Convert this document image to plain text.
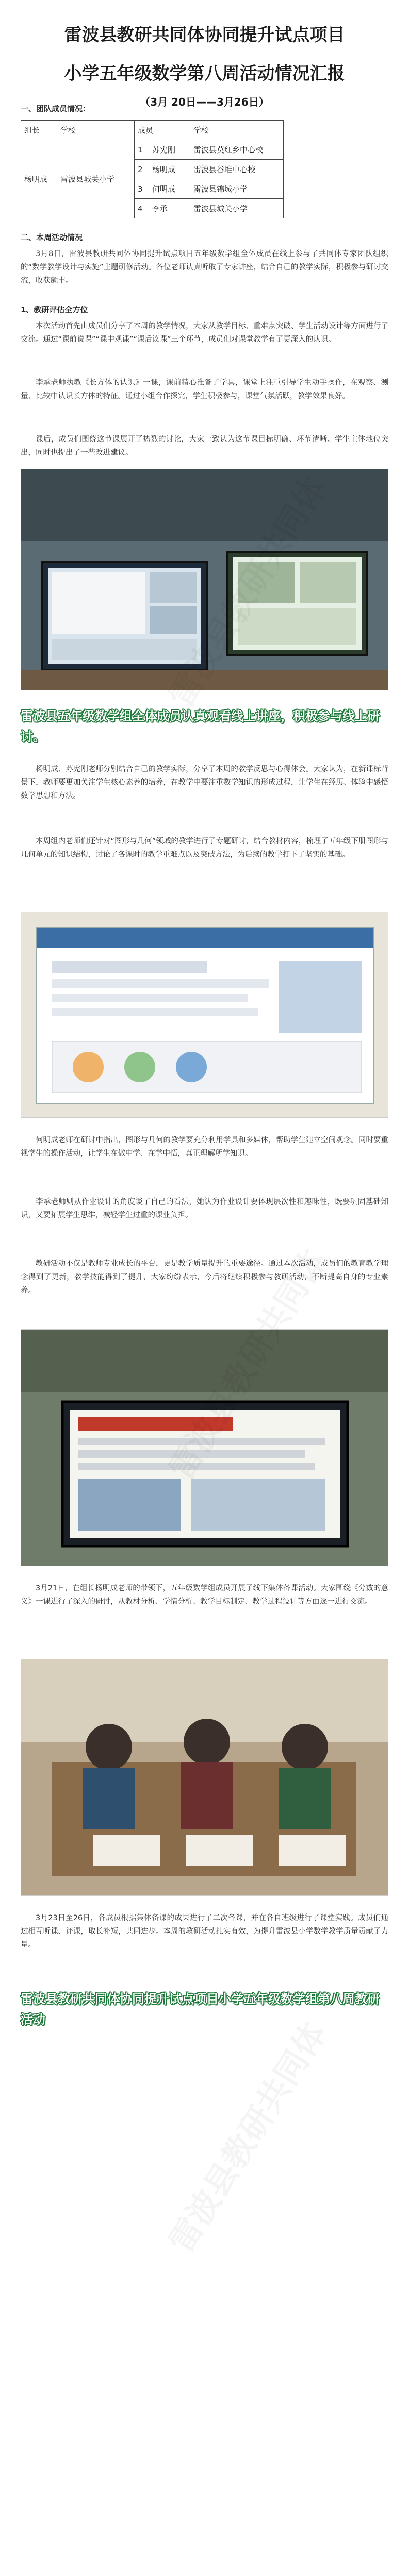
雷波县教研共同体协同提升试点项目
小学五年级数学第八周活动情况汇报
（3月 20日——3月26日）
一、团队成员情况：
组长	学校	成员		学校
杨明成	雷波县城关小学	1	苏宪刚	雷波县莫红乡中心校
		2	杨明成	雷波县谷堆中心校
		3	何明成	雷波县锦城小学
		4	李承	雷波县城关小学
二、本周活动情况
3月8日，雷波县教研共同体协同提升试点项目五年级数学组全体成员在线上参与了共同体专家团队组织的“数学教学设计与实施”主题研修活动。各位老师认真听取了专家讲座，结合自己的教学实际，积极参与研讨交流，收获颇丰。
1、教研评估全方位
本次活动首先由成员们分享了本周的教学情况，大家从教学目标、重难点突破、学生活动设计等方面进行了交流。通过“课前说课”“课中观课”“课后议课”三个环节，成员们对课堂教学有了更深入的认识。
李承老师执教《长方体的认识》一课，课前精心准备了学具，课堂上注重引导学生动手操作，在观察、测量、比较中认识长方体的特征。通过小组合作探究，学生积极参与，课堂气氛活跃，教学效果良好。
课后，成员们围绕这节课展开了热烈的讨论，大家一致认为这节课目标明确、环节清晰、学生主体地位突出，同时也提出了一些改进建议。
雷波县五年级数学组全体成员认真观看线上讲座，积极参与线上研讨。
杨明成、苏宪刚老师分别结合自己的教学实际，分享了本周的教学反思与心得体会。大家认为，在新课标背景下，教师要更加关注学生核心素养的培养，在教学中要注重数学知识的形成过程，让学生在经历、体验中感悟数学思想和方法。
本周组内老师们还针对“图形与几何”领域的教学进行了专题研讨，结合教材内容，梳理了五年级下册图形与几何单元的知识结构，讨论了各课时的教学重难点以及突破方法，为后续的教学打下了坚实的基础。
何明成老师在研讨中指出，图形与几何的教学要充分利用学具和多媒体，帮助学生建立空间观念。同时要重视学生的操作活动，让学生在做中学、在学中悟，真正理解所学知识。
李承老师则从作业设计的角度谈了自己的看法，她认为作业设计要体现层次性和趣味性，既要巩固基础知识，又要拓展学生思维，减轻学生过重的课业负担。
教研活动不仅是教师专业成长的平台，更是教学质量提升的重要途径。通过本次活动，成员们的教育教学理念得到了更新，教学技能得到了提升，大家纷纷表示，今后将继续积极参与教研活动，不断提高自身的专业素养。
3月21日，在组长杨明成老师的带领下，五年级数学组成员开展了线下集体备课活动。大家围绕《分数的意义》一课进行了深入的研讨，从教材分析、学情分析、教学目标制定、教学过程设计等方面逐一进行交流。
3月23日至26日，各成员根据集体备课的成果进行了二次备课，并在各自班级进行了课堂实践。成员们通过相互听课、评课，取长补短，共同进步。本周的教研活动扎实有效，为提升雷波县小学数学教学质量贡献了力量。
雷波县教研共同体协同提升试点项目小学五年级数学组第八周教研活动
